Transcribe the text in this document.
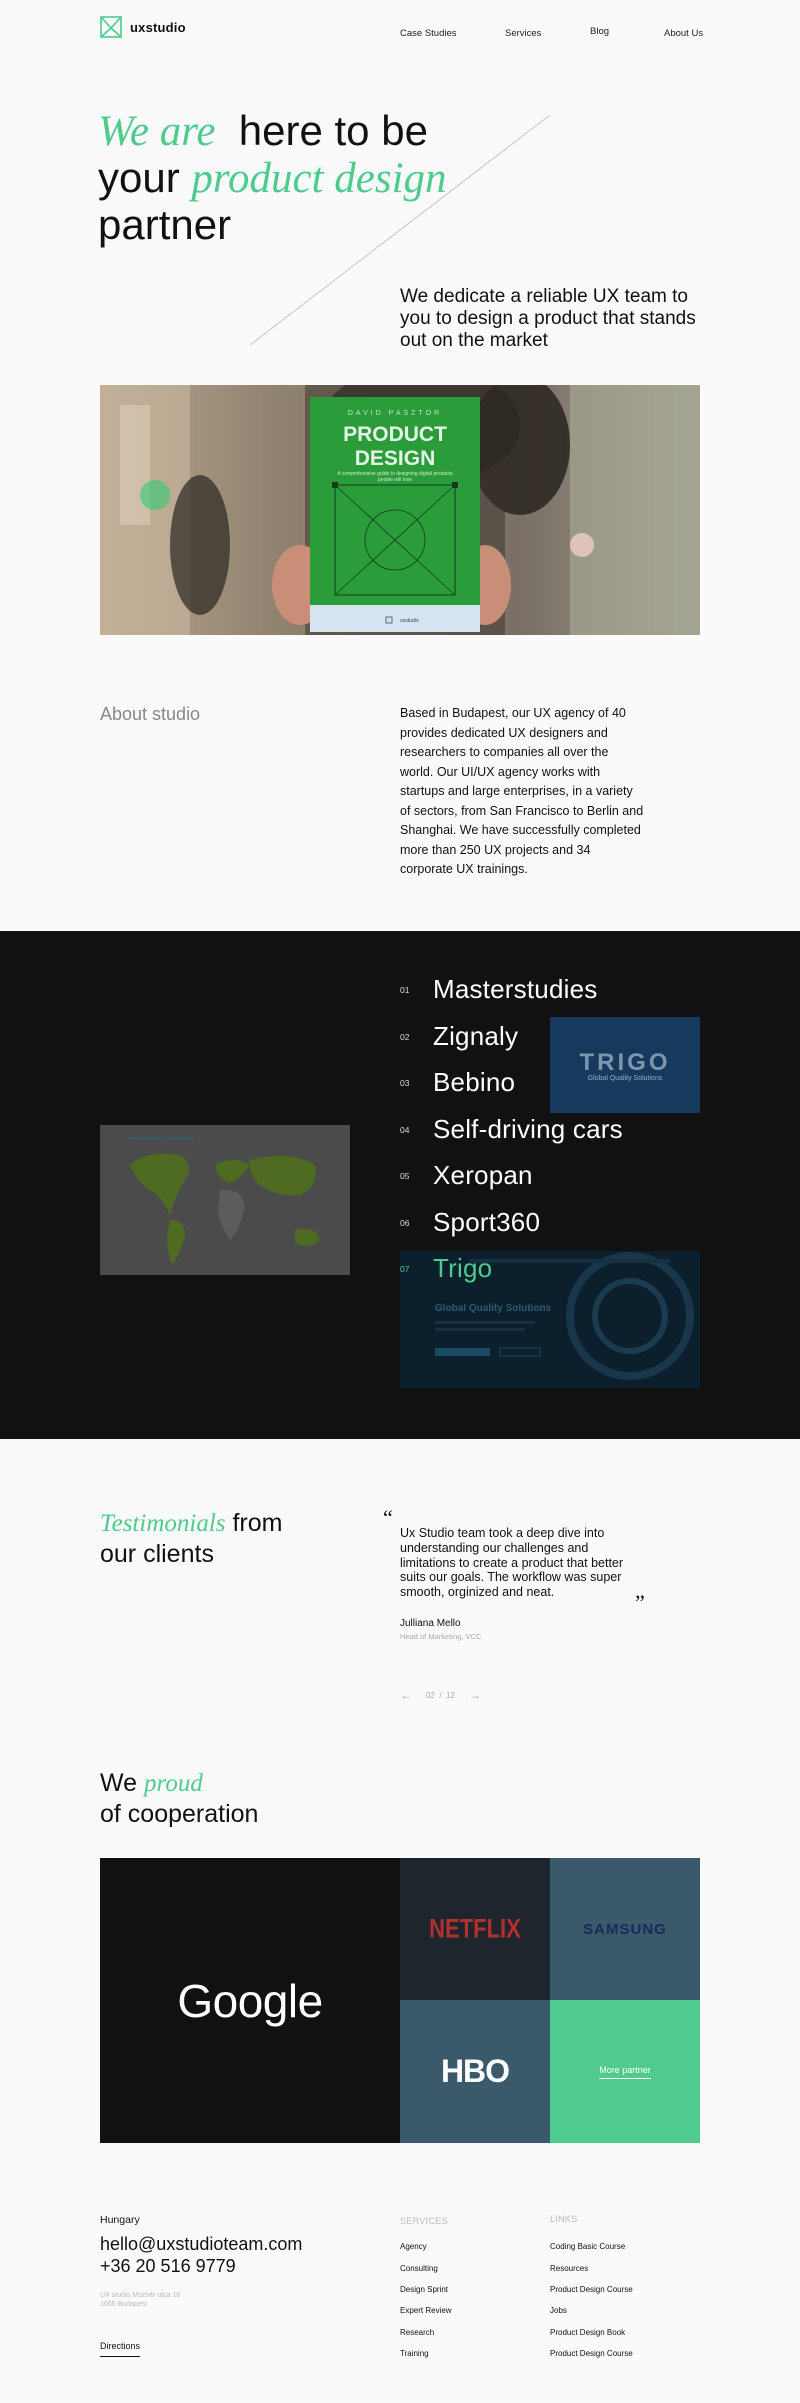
uxstudio	Case Studies	Services	Blog	About Us
We are here to be
your product design
partner

We dedicate a reliable UX team to you to design a product that stands out on the market

DAVID PASZTOR
PRODUCT
DESIGN
A comprehensive guide to designing digital products people will love
uxstudio
About studio	Based in Budapest, our UX agency of 40 provides dedicated UX designers and researchers to companies all over the world. Our UI/UX agency works with startups and large enterprises, in a variety of sectors, from San Francisco to Berlin and Shanghai. We have successfully completed more than 250 UX projects and 34 corporate UX trainings.

INTERNATIONAL COVERAGE
TRIGO
Global Quality Solutions
Global Quality Solutions
01 Masterstudies
02 Zignaly
03 Bebino
04 Self-driving cars
05 Xeropan
06 Sport360
07 Trigo
Testimonials from
our clients
“

Ux Studio team took a deep dive into understanding our challenges and limitations to create a product that better suits our goals. The workflow was super smooth, orginized and neat.	”
Julliana Mello
Head of Marketing, VCC
← 02  /  12 →
We proud
of cooperation
Google
NETFLIX	SAMSUNG
HBO	More partner
Hungary
hello@uxstudioteam.com
+36 20 516 9779
UX studio Mozsár utca 16
1066 Budapest
Directions
SERVICES
Agency
Consulting
Design Sprint
Expert Review
Research
Training
LINKS
Coding Basic Course
Resources
Product Design Course
Jobs
Product Design Book
Product Design Course
